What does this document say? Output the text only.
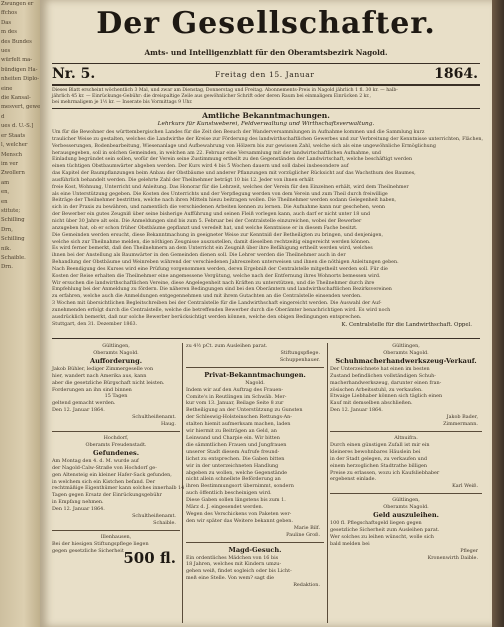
Zwungen er
ffchos
Das
m des
des Bundes
ues
würfelt ma-
bündigen Ha-
nheiten Diplo-
eine
die Kansal-
mesvert, gewe
d
ues d. U.-S.]
er Staats
l, welcher
Mensch
im ver
Zwollern
am
en,
en
stitute;
Schilling
Drn,
Schilling
nik.
Schaible.
Drn.
Der Gesellschafter.
Amts- und Intelligenzblatt für den Oberamtsbezirk Nagold.
Nr. 5.	Freitag den 15. Januar	1864.
Dieses Blatt erscheint wöchentlich 3 Mal, und zwar am Dienstag, Donnerstag und Freitag. Abonnements-Preis in Nagold jährlich 1 fl. 30 kr. — halb-
jährlich 45 kr. — Einrückungs-Gebühr: die dreispaltige Zeile aus gewöhnlicher Schrift oder deren Raum bei einmaligem Einrücken 2 kr.,
bei mehrmaligem je 1½ kr. — Inserate bis Vormittags 9 Uhr.
Amtliche Bekanntmachungen.
Lehrkurs für Kunstweberei, Feldverwaltung und Wirthschaftsverwaltung.
Um für die Bewohner des württembergischen Landes für die Zeit den Besuch der Wanderversammlungen in Aufnahme kommen und die Sammlung kurz
traulicher Weise zu gestalten, welches die Landwirthe der Kreise zur Förderung des landwirthschaftlichen Gewerbes und zur Verbreitung der Kenntnisse unterrichten, Flächen,
Verbesserungen, Bodenbearbeitung, Wiesenanlage und Aufbewahrung von Hölzern bis zur gewissen Zahl, welche sich als eine ungewöhnliche Ermöglichung
herausgegeben, soll in solchen Gemeinden, in welchen am 22. Februar eine Versammlung mit der landwirtschaftlichen Aufnahme, und
Einladung begründet sein sollen, wofür der Verein seine Zustimmung ertheilt zu den Gegenständen der Landwirtschaft, welche beschäftigt werden
einen tüchtigen Obstbaumwärter abgeben werden. Der Kurs wird 4 bis 5 Wochen dauern und soll dabei insbesondere auf
das Kapitel der Baumpflanzungen beim Anbau der Obstbäume und anderer Pflanzungen mit vorzüglicher Rücksicht auf das Wachsthum des Baumes,
ausführlich behandelt werden. Die gelehrte Zahl der Theilnehmer beträgt 10 bis 12. Jeder von ihnen erhält
freie Kost, Wohnung, Unterricht und Anleitung. Das Honorar für die Lehrzeit, welches der Verein für den Einzelnen erhält, wird dem Theilnehmer
als eine Unterstützung gegeben. Die Kosten des Unterrichts und der Verpflegung werden von dem Verein und zum Theil durch freiwillige
Beiträge der Theilnehmer bestritten, welche nach ihren Mitteln hiezu beitragen wollen. Die Theilnehmer werden sodann Gelegenheit haben,
sich in der Praxis zu bewähren, und namentlich die verschiedenen Arbeiten kennen zu lernen. Die Aufnahme kann nur geschehen, wenn
der Bewerber ein gutes Zeugniß über seine bisherige Aufführung und seinen Fleiß vorlegen kann, auch darf er nicht unter 18 und
nicht über 30 Jahre alt sein. Die Anmeldungen sind bis zum 5. Februar bei der Centralstelle einzureichen, wobei der Bewerber
anzugeben hat, ob er schon früher Obstbäume gepflanzt und veredelt hat, und welche Kenntnisse er in diesem Fache besitzt.
Die Gemeinden werden ersucht, diese Bekanntmachung in geeigneter Weise zur Kenntniß der Betheiligten zu bringen, und denjenigen,
welche sich zur Theilnahme melden, die nöthigen Zeugnisse auszustellen, damit dieselben rechtzeitig eingereicht werden können.
Es wird ferner bemerkt, daß den Theilnehmern an dem Unterricht ein Zeugniß über ihre Befähigung ertheilt werden wird, welches
ihnen bei der Anstellung als Baumwärter in den Gemeinden dienen soll. Die Lehrer werden die Theilnehmer auch in der
Behandlung der Obstbäume und Weinreben während der verschiedenen Jahreszeiten unterweisen und ihnen die nöthigen Anleitungen geben.
Nach Beendigung des Kurses wird eine Prüfung vorgenommen werden, deren Ergebniß der Centralstelle mitgetheilt werden soll. Für die
Kosten der Reise erhalten die Theilnehmer eine angemessene Vergütung, welche nach der Entfernung ihres Wohnorts bemessen wird.
Wir ersuchen die landwirthschaftlichen Vereine, diese Angelegenheit nach Kräften zu unterstützen, und die Theilnehmer durch ihre
Empfehlung bei der Anmeldung zu fördern. Die näheren Bedingungen sind bei den Oberämtern und landwirthschaftlichen Bezirksvereinen
zu erfahren, welche auch die Anmeldungen entgegennehmen und mit ihrem Gutachten an die Centralstelle einsenden werden.
3 Wochen mit übersichtlichen Begleitschreiben bei der Centralstelle für die Landwirthschaft eingereicht werden. Die Auswahl der Auf-
zunehmenden erfolgt durch die Centralstelle, welche die betreffenden Bewerber durch die Oberämter benachrichtigen wird. Es wird noch
ausdrücklich bemerkt, daß nur solche Bewerber berücksichtigt werden können, welche den obigen Bedingungen entsprechen.
Stuttgart, den 31. Dezember 1863.	K. Centralstelle für die Landwirthschaft. Oppel.
Gültlingen,
Oberamts Nagold.
Aufforderung.
Jakob Bühler, lediger Zimmergeselle von
hier, wandert nach Amerika aus, kann
aber die gesetzliche Bürgschaft nicht leisten.
Forderungen an ihn sind binnen
15 Tagen
geltend gemacht werden.
Den 12. Januar 1864.
Schultheißenamt.
Haug.
Hochdorf,
Oberamts Freudenstadt.
Gefundenes.
Am Montag den 4. d. M. wurde auf
der Nagold-Calw-Straße von Hochdorf ge-
gen Altensteig ein kleiner Hafer-Sack gefunden,
in welchem sich ein Kistchen befand. Der
rechtmäßige Eigenthümer kann solches innerhalb 14
Tagen gegen Ersatz der Einrückungsgebühr
in Empfang nehmen.
Den 12. Januar 1864.
Schultheißenamt.
Schaible.
Illenhausen,
Bei der hiesigen Stiftungspflege liegen
gegen gesetzliche Sicherheit 500 fl.
zu 4½ pCt. zum Ausleihen parat.
Stiftungspflege.
Schuppenhauer.
Privat-Bekanntmachungen.
Nagold.
Indem wir auf den Auftrag des Frauen-
Comite's in Reutlingen im Schwäb. Mer-
kur vom 13. Januar, Beilage Seite 8 zur
Betheiligung an der Unterstützung zu Gunsten
der Schleswig-Holsteinschen Rettungs-An-
stalten hiemit aufmerksam machen, laden
wir hiermit zu Beiträgen an Geld, an
Leinwand und Charpie ein. Wir bitten
die sämmtlichen Frauen und Jungfrauen
unserer Stadt diesem Aufrufe freund-
lichst zu entsprechen. Die Gaben bitten
wir in der unterzeichneten Handlung
abgeben zu wollen, welche Gegenstände
nicht allein schnellste Beförderung an
ihren Bestimmungsort übernimmt, sondern
auch öffentlich bescheinigen wird.
Diese Gaben sollen längstens bis zum 1.
März d. J. eingesendet werden.
Wegen des Verschickens von Paketen wer-
den wir später das Weitere bekannt geben.
Marie Bilf.
Pauline Groß.
Magd-Gesuch.
Ein ordentliches Mädchen von 16 bis
18 Jahren, welches mit Kindern umzu-
gehen weiß, findet sogleich oder bis Licht-
meß eine Stelle. Von wem? sagt die
Redaktion.
Gültlingen,
Oberamts Nagold.
Schuhmacherhandwerkszeug-Verkauf.
Der Unterzeichnete hat einen im besten
Zustand befindlichen vollständigen Schuh-
macherhandwerkszeug, darunter einen fran-
zösischen Arbeitsstuhl, zu verkaufen.
Etwaige Liebhaber können sich täglich einen
Kauf mit demselben abschließen.
Den 12. Januar 1864.
Jakob Bader,
Zimmermann.
Altnuifra.
Durch einen günstigen Zufall ist mir ein
kleineres bewohnbares Häuslein bei
in der Stadt gelegen, zu verkaufen und
einem herzoglichen Stadtrathe billigen
Preise zu erlassen, wozu ich Kaufsliebhaber
ergebenst einlade.
Karl Weiß.
Gültlingen,
Oberamts Nagold.
Geld auszuleihen.
100 fl. Pflegschaftsgeld liegen gegen
gesetzliche Sicherheit zum Ausleihen parat.
Wer solches zu leihen wünscht, wolle sich
bald melden bei
Pfleger
Kronenwirth Daible.
